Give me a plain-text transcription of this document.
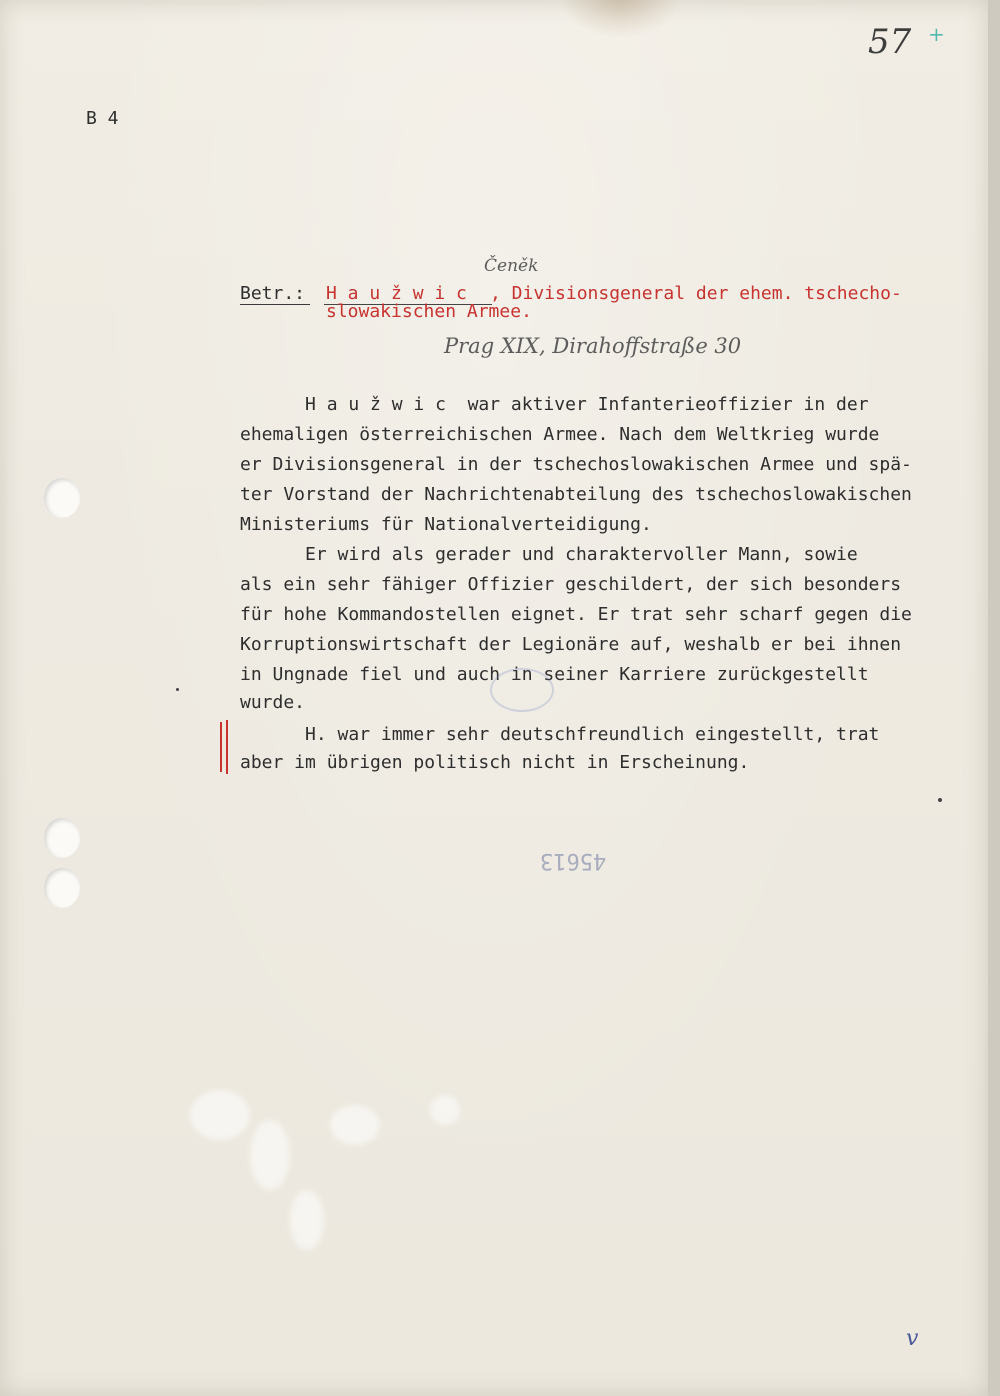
57 +
B 4
Čeněk
Betr.: H a u ž w i c , Divisionsgeneral der ehem. tschecho-
slowakischen Armee.
Prag XIX, Dirahoffstraße 30
H a u ž w i c  war aktiver Infanterieoffizier in der
ehemaligen österreichischen Armee. Nach dem Weltkrieg wurde
er Divisionsgeneral in der tschechoslowakischen Armee und spä-
ter Vorstand der Nachrichtenabteilung des tschechoslowakischen
Ministeriums für Nationalverteidigung.
Er wird als gerader und charaktervoller Mann, sowie
als ein sehr fähiger Offizier geschildert, der sich besonders
für hohe Kommandostellen eignet. Er trat sehr scharf gegen die
Korruptionswirtschaft der Legionäre auf, weshalb er bei ihnen
in Ungnade fiel und auch in seiner Karriere zurückgestellt
wurde.
H. war immer sehr deutschfreundlich eingestellt, trat
aber im übrigen politisch nicht in Erscheinung.
45613
v
